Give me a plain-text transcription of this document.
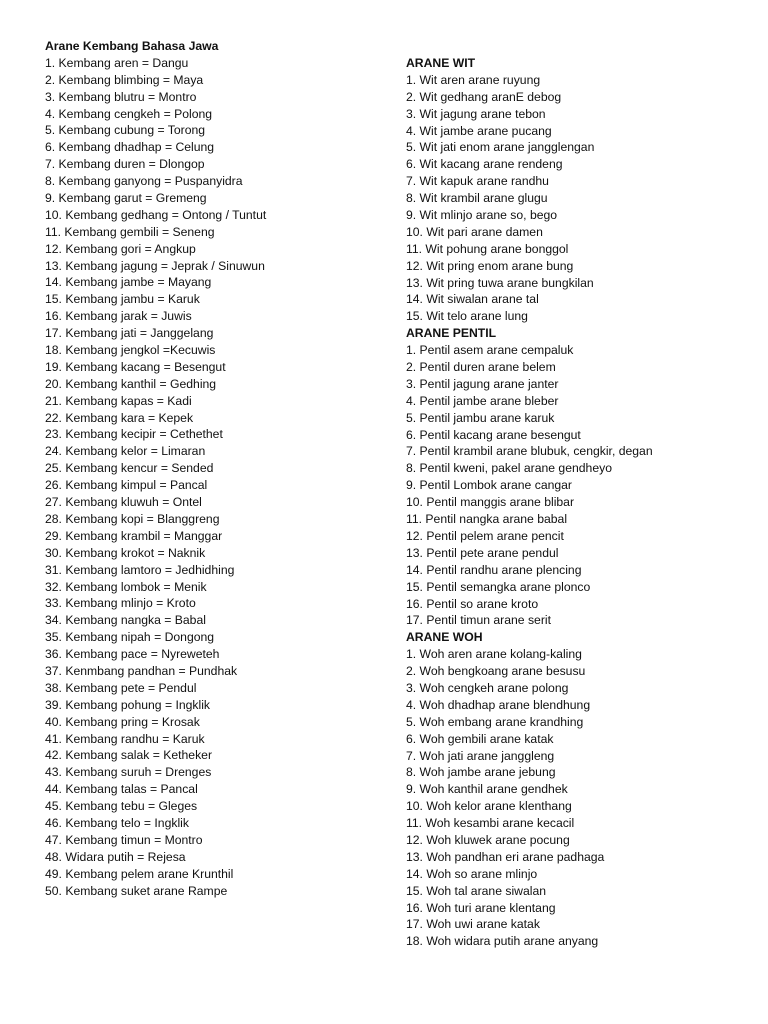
Arane Kembang Bahasa Jawa
1. Kembang aren = Dangu
2. Kembang blimbing = Maya
3. Kembang blutru = Montro
4. Kembang cengkeh = Polong
5. Kembang cubung = Torong
6. Kembang dhadhap = Celung
7. Kembang duren = Dlongop
8. Kembang ganyong = Puspanyidra
9. Kembang garut = Gremeng
10. Kembang gedhang = Ontong / Tuntut
11. Kembang gembili = Seneng
12. Kembang gori = Angkup
13. Kembang jagung = Jeprak / Sinuwun
14. Kembang jambe = Mayang
15. Kembang jambu = Karuk
16. Kembang jarak = Juwis
17. Kembang jati = Janggelang
18. Kembang jengkol =Kecuwis
19. Kembang kacang = Besengut
20. Kembang kanthil = Gedhing
21. Kembang kapas = Kadi
22. Kembang kara = Kepek
23. Kembang kecipir = Cethethet
24. Kembang kelor = Limaran
25. Kembang kencur = Sended
26. Kembang kimpul = Pancal
27. Kembang kluwuh = Ontel
28. Kembang kopi = Blanggreng
29. Kembang krambil = Manggar
30. Kembang krokot = Naknik
31. Kembang lamtoro = Jedhidhing
32. Kembang lombok = Menik
33. Kembang mlinjo = Kroto
34. Kembang nangka = Babal
35. Kembang nipah = Dongong
36. Kembang pace = Nyreweteh
37. Kenmbang pandhan = Pundhak
38. Kembang pete = Pendul
39. Kembang pohung = Ingklik
40. Kembang pring = Krosak
41. Kembang randhu = Karuk
42. Kembang salak = Ketheker
43. Kembang suruh = Drenges
44. Kembang talas = Pancal
45. Kembang tebu = Gleges
46. Kembang telo = Ingklik
47. Kembang timun = Montro
48. Widara putih = Rejesa
49. Kembang pelem arane Krunthil
50. Kembang suket arane Rampe
ARANE WIT
1. Wit aren arane ruyung
2. Wit gedhang aranE debog
3. Wit jagung arane tebon
4. Wit jambe arane pucang
5. Wit jati enom arane jangglengan
6. Wit kacang arane rendeng
7. Wit kapuk arane randhu
8. Wit krambil arane glugu
9. Wit mlinjo arane so, bego
10. Wit pari arane damen
11. Wit pohung arane bonggol
12. Wit pring enom arane bung
13. Wit pring tuwa arane bungkilan
14. Wit siwalan arane tal
15. Wit telo arane lung
ARANE PENTIL
1. Pentil asem arane cempaluk
2. Pentil duren arane belem
3. Pentil jagung arane janter
4. Pentil jambe arane bleber
5. Pentil jambu arane karuk
6. Pentil kacang arane besengut
7. Pentil krambil arane blubuk, cengkir, degan
8. Pentil kweni, pakel arane gendheyo
9. Pentil Lombok arane cangar
10. Pentil manggis arane blibar
11. Pentil nangka arane babal
12. Pentil pelem arane pencit
13. Pentil pete arane pendul
14. Pentil randhu arane plencing
15. Pentil semangka arane plonco
16. Pentil so arane kroto
17. Pentil timun arane serit
ARANE WOH
1. Woh aren arane kolang-kaling
2. Woh bengkoang arane besusu
3. Woh cengkeh arane polong
4. Woh dhadhap arane blendhung
5. Woh embang arane krandhing
6. Woh gembili arane katak
7. Woh jati arane janggleng
8. Woh jambe arane jebung
9. Woh kanthil arane gendhek
10. Woh kelor arane klenthang
11. Woh kesambi arane kecacil
12. Woh kluwek arane pocung
13. Woh pandhan eri arane padhaga
14. Woh so arane mlinjo
15. Woh tal arane siwalan
16. Woh turi arane klentang
17. Woh uwi arane katak
18. Woh widara putih arane anyang
